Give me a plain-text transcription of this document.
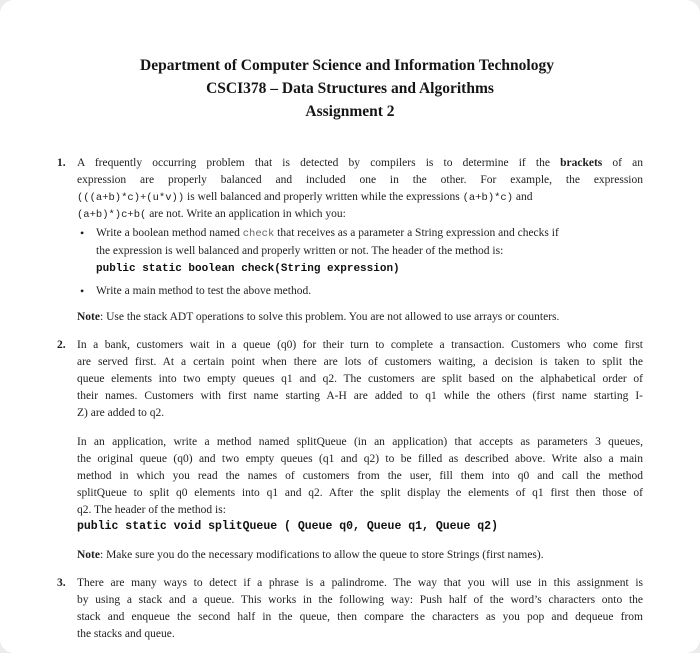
Department of Computer Science and Information Technology
CSCI378 – Data Structures and Algorithms
Assignment 2
1. A frequently occurring problem that is detected by compilers is to determine if the brackets of an
expression are properly balanced and included one in the other. For example, the expression
(((a+b)*c)+(u*v)) is well balanced and properly written while the expressions (a+b)*c) and
(a+b)*)c+b( are not. Write an application in which you:
• Write a boolean method named check that receives as a parameter a String expression and checks if
the expression is well balanced and properly written or not. The header of the method is:
public static boolean check(String expression)
• Write a main method to test the above method.
Note: Use the stack ADT operations to solve this problem. You are not allowed to use arrays or counters.
2. In a bank, customers wait in a queue (q0) for their turn to complete a transaction. Customers who come first
are served first. At a certain point when there are lots of customers waiting, a decision is taken to split the
queue elements into two empty queues q1 and q2. The customers are split based on the alphabetical order of
their names. Customers with first name starting A-H are added to q1 while the others (first name starting I-
Z) are added to q2.
In an application, write a method named splitQueue (in an application) that accepts as parameters 3 queues,
the original queue (q0) and two empty queues (q1 and q2) to be filled as described above. Write also a main
method in which you read the names of customers from the user, fill them into q0 and call the method
splitQueue to split q0 elements into q1 and q2. After the split display the elements of q1 first then those of
q2. The header of the method is:
public static void splitQueue ( Queue q0, Queue q1, Queue q2)
Note: Make sure you do the necessary modifications to allow the queue to store Strings (first names).
3. There are many ways to detect if a phrase is a palindrome. The way that you will use in this assignment is
by using a stack and a queue. This works in the following way: Push half of the word’s characters onto the
stack and enqueue the second half in the queue, then compare the characters as you pop and dequeue from
the stacks and queue.
